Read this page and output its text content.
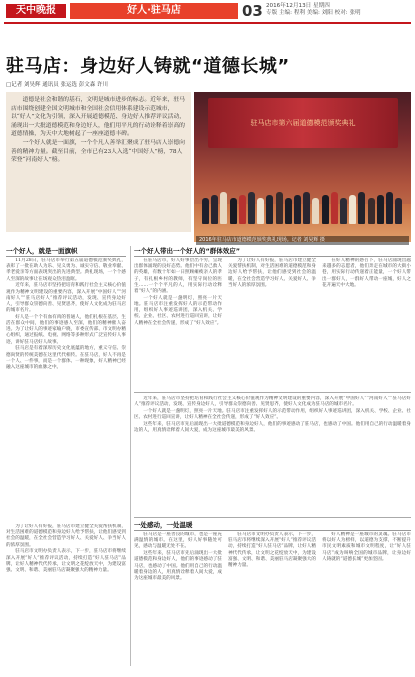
天中晚报	好人·驻马店	03 2016年12月13日 星期四
专版 主编: 程利 美编: 刘阳 校对: 张明
驻马店：身边好人铸就“道德长城”
□记者 刘昊辉 通讯员 张运选 彭文森 许川

道德是社会和谐的基石，文明是城市进步的标志。近年来，驻马店市围绕创建全国文明城市和全国社会信用体系建设示范城市，以“好人”文化为引领，深入开展道德模范、身边好人推荐评议活动，涌现出一大批道德模范和身边好人，他们用平凡的行动诠释着崇高的道德情操，为天中大地树起了一座座道德丰碑。

一个好人就是一面旗，一个个凡人善举汇聚成了驻马店人崇德向善的精神力量。截至目前，全市已有23人入选“中国好人”榜，78人荣登“河南好人”榜。

驻马店市第六届道德模范颁奖典礼
2016年驻马店市道德模范颁奖典礼现场。记者 刘昊辉 摄
一个好人，就是一面旗帜

11月28日，驻马店市举行第五届道德模范颁奖典礼，表彰了一批在助人为乐、见义勇为、诚实守信、敬业奉献、孝老爱亲等方面表现突出的先进典型。典礼现场，一个个感人至深的故事让在场观众热泪盈眶。

近年来，驻马店市坚持把培育和践行社会主义核心价值观作为精神文明建设的重要内容，深入开展“中国好人”“河南好人”“驻马店好人”推荐评议活动，发现、宣传身边好人，引导群众崇德向善、见贤思齐，使好人文化成为驻马店的城市名片。

好人是一个个有血有肉的普通人，他们扎根在基层、生活在群众中间，他们的事迹感人至深，他们的精神催人奋进。为了让好人的事迹家喻户晓，市委宣传部、市文明办精心组织，通过报纸、电视、网络等多种形式广泛宣传好人事迹，讲好驻马店好人故事。

驻马店是有着深厚历史文化底蕴的地方，重义守信、崇德尚贤的传统美德在这里代代相传。在驻马店，好人不再是一个人、一件事，而是一个群体、一种现象，好人精神已经融入这座城市的血脉之中。

一个好人带出一个好人的“群体效应”

在驻马店市，好人好事层出不穷，呈现出群体涌现的良好态势。他们中有舍己救人的英雄，有数十年如一日照顾瘫痪亲人的孝子，有扎根乡村的教师，有坚守岗位的医生……一个个平凡的人，用实际行动诠释着“好人”的内涵。

一个好人就是一盏明灯，照亮一片天地。驻马店市注重发挥好人的示范带动作用，组织好人事迹巡讲团，深入机关、学校、企业、社区、农村进行巡回宣讲，让好人精神在全社会传递，形成了“好人效应”。

为了让好人有好报，驻马店市建立健全关爱帮扶机制，对生活困难的道德模范和身边好人给予帮扶，让他们感受到社会的温暖，在全社会营造学习好人、关爱好人、争当好人的浓厚氛围。

在好人精神的感召下，驻马店涌现出越来越多的志愿者，他们奔走在城市的大街小巷，用实际行动传递着正能量，一个好人带出一群好人，一群好人带动一座城，好人之花开遍天中大地。

一处感动，一处温暖

驻马店是一座善良的城市，也是一座充满温情的城市。在这里，好人好事随处可见，感动与温暖无处不在。

这些年来，驻马店市先后涌现出一大批道德模范和身边好人，他们的事迹感动了驻马店，也感动了中国。他们用自己的行动温暖着身边的人，用真情诠释着人间大爱，成为这座城市最美的风景。

驻马店市文明办负责人表示，下一步，驻马店市将继续深入开展“好人”推荐评议活动，持续打造“好人驻马店”品牌，让好人精神代代传承，让文明之花绽放天中，为建设富强、文明、和谐、美丽驻马店凝聚强大的精神力量。

好人精神是一座城市的灵魂。驻马店市将以好人为榜样，以道德为支撑，不断提升市民文明素质和城市文明程度，让“好人驻马店”成为叫响全国的城市品牌，让身边好人铸就的“道德长城”更加坚固。

近年来，驻马店市坚持把培育和践行社会主义核心价值观作为精神文明建设的重要内容，深入开展“中国好人”“河南好人”“驻马店好人”推荐评议活动，发现、宣传身边好人，引导群众崇德向善、见贤思齐，使好人文化成为驻马店的城市名片。

一个好人就是一盏明灯，照亮一片天地。驻马店市注重发挥好人的示范带动作用，组织好人事迹巡讲团，深入机关、学校、企业、社区、农村进行巡回宣讲，让好人精神在全社会传递，形成了“好人效应”。

这些年来，驻马店市先后涌现出一大批道德模范和身边好人，他们的事迹感动了驻马店，也感动了中国。他们用自己的行动温暖着身边的人，用真情诠释着人间大爱，成为这座城市最美的风景。

为了让好人有好报，驻马店市建立健全关爱帮扶机制，对生活困难的道德模范和身边好人给予帮扶，让他们感受到社会的温暖，在全社会营造学习好人、关爱好人、争当好人的浓厚氛围。

驻马店市文明办负责人表示，下一步，驻马店市将继续深入开展“好人”推荐评议活动，持续打造“好人驻马店”品牌，让好人精神代代传承，让文明之花绽放天中，为建设富强、文明、和谐、美丽驻马店凝聚强大的精神力量。
